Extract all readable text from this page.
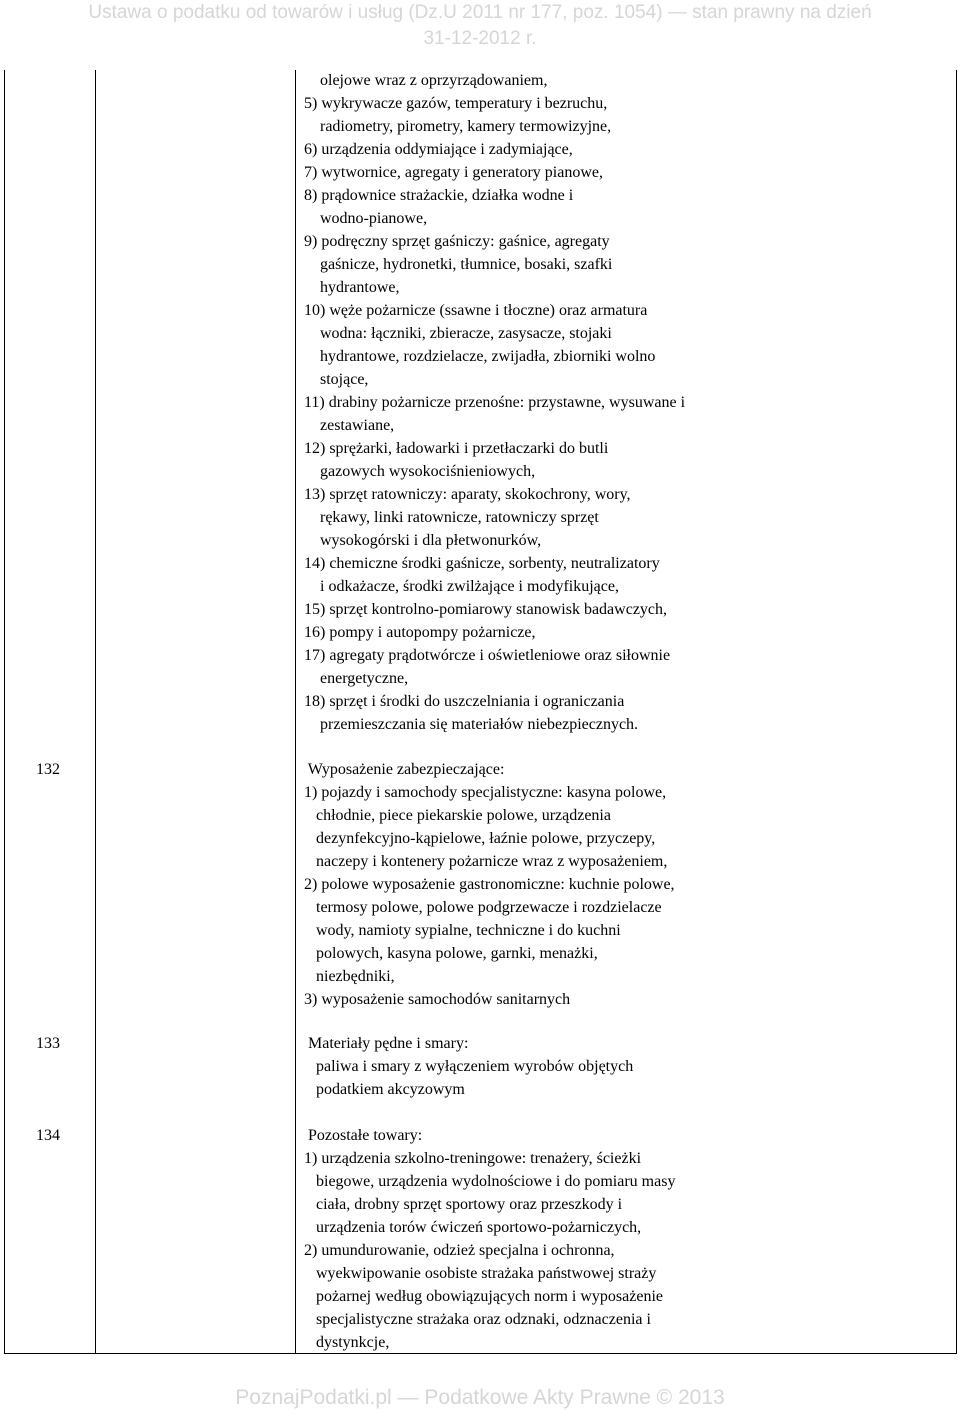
Ustawa o podatku od towarów i usług (Dz.U 2011 nr 177, poz. 1054) — stan prawny na dzień
31-12-2012 r.
olejowe wraz z oprzyrządowaniem,
5) wykrywacze gazów, temperatury i bezruchu,
radiometry, pirometry, kamery termowizyjne,
6) urządzenia oddymiające i zadymiające,
7) wytwornice, agregaty i generatory pianowe,
8) prądownice strażackie, działka wodne i
wodno-pianowe,
9) podręczny sprzęt gaśniczy: gaśnice, agregaty
gaśnicze, hydronetki, tłumnice, bosaki, szafki
hydrantowe,
10) węże pożarnicze (ssawne i tłoczne) oraz armatura
wodna: łączniki, zbieracze, zasysacze, stojaki
hydrantowe, rozdzielacze, zwijadła, zbiorniki wolno
stojące,
11) drabiny pożarnicze przenośne: przystawne, wysuwane i
zestawiane,
12) sprężarki, ładowarki i przetłaczarki do butli
gazowych wysokociśnieniowych,
13) sprzęt ratowniczy: aparaty, skokochrony, wory,
rękawy, linki ratownicze, ratowniczy sprzęt
wysokogórski i dla płetwonurków,
14) chemiczne środki gaśnicze, sorbenty, neutralizatory
i odkażacze, środki zwilżające i modyfikujące,
15) sprzęt kontrolno-pomiarowy stanowisk badawczych,
16) pompy i autopompy pożarnicze,
17) agregaty prądotwórcze i oświetleniowe oraz siłownie
energetyczne,
18) sprzęt i środki do uszczelniania i ograniczania
przemieszczania się materiałów niebezpiecznych.
132	Wyposażenie zabezpieczające:
1) pojazdy i samochody specjalistyczne: kasyna polowe,
chłodnie, piece piekarskie polowe, urządzenia
dezynfekcyjno-kąpielowe, łaźnie polowe, przyczepy,
naczepy i kontenery pożarnicze wraz z wyposażeniem,
2) polowe wyposażenie gastronomiczne: kuchnie polowe,
termosy polowe, polowe podgrzewacze i rozdzielacze
wody, namioty sypialne, techniczne i do kuchni
polowych, kasyna polowe, garnki, menażki,
niezbędniki,
3) wyposażenie samochodów sanitarnych
133	Materiały pędne i smary:
paliwa i smary z wyłączeniem wyrobów objętych
podatkiem akcyzowym
134	Pozostałe towary:
1) urządzenia szkolno-treningowe: trenażery, ścieżki
biegowe, urządzenia wydolnościowe i do pomiaru masy
ciała, drobny sprzęt sportowy oraz przeszkody i
urządzenia torów ćwiczeń sportowo-pożarniczych,
2) umundurowanie, odzież specjalna i ochronna,
wyekwipowanie osobiste strażaka państwowej straży
pożarnej według obowiązujących norm i wyposażenie
specjalistyczne strażaka oraz odznaki, odznaczenia i
dystynkcje,
PoznajPodatki.pl — Podatkowe Akty Prawne © 2013
